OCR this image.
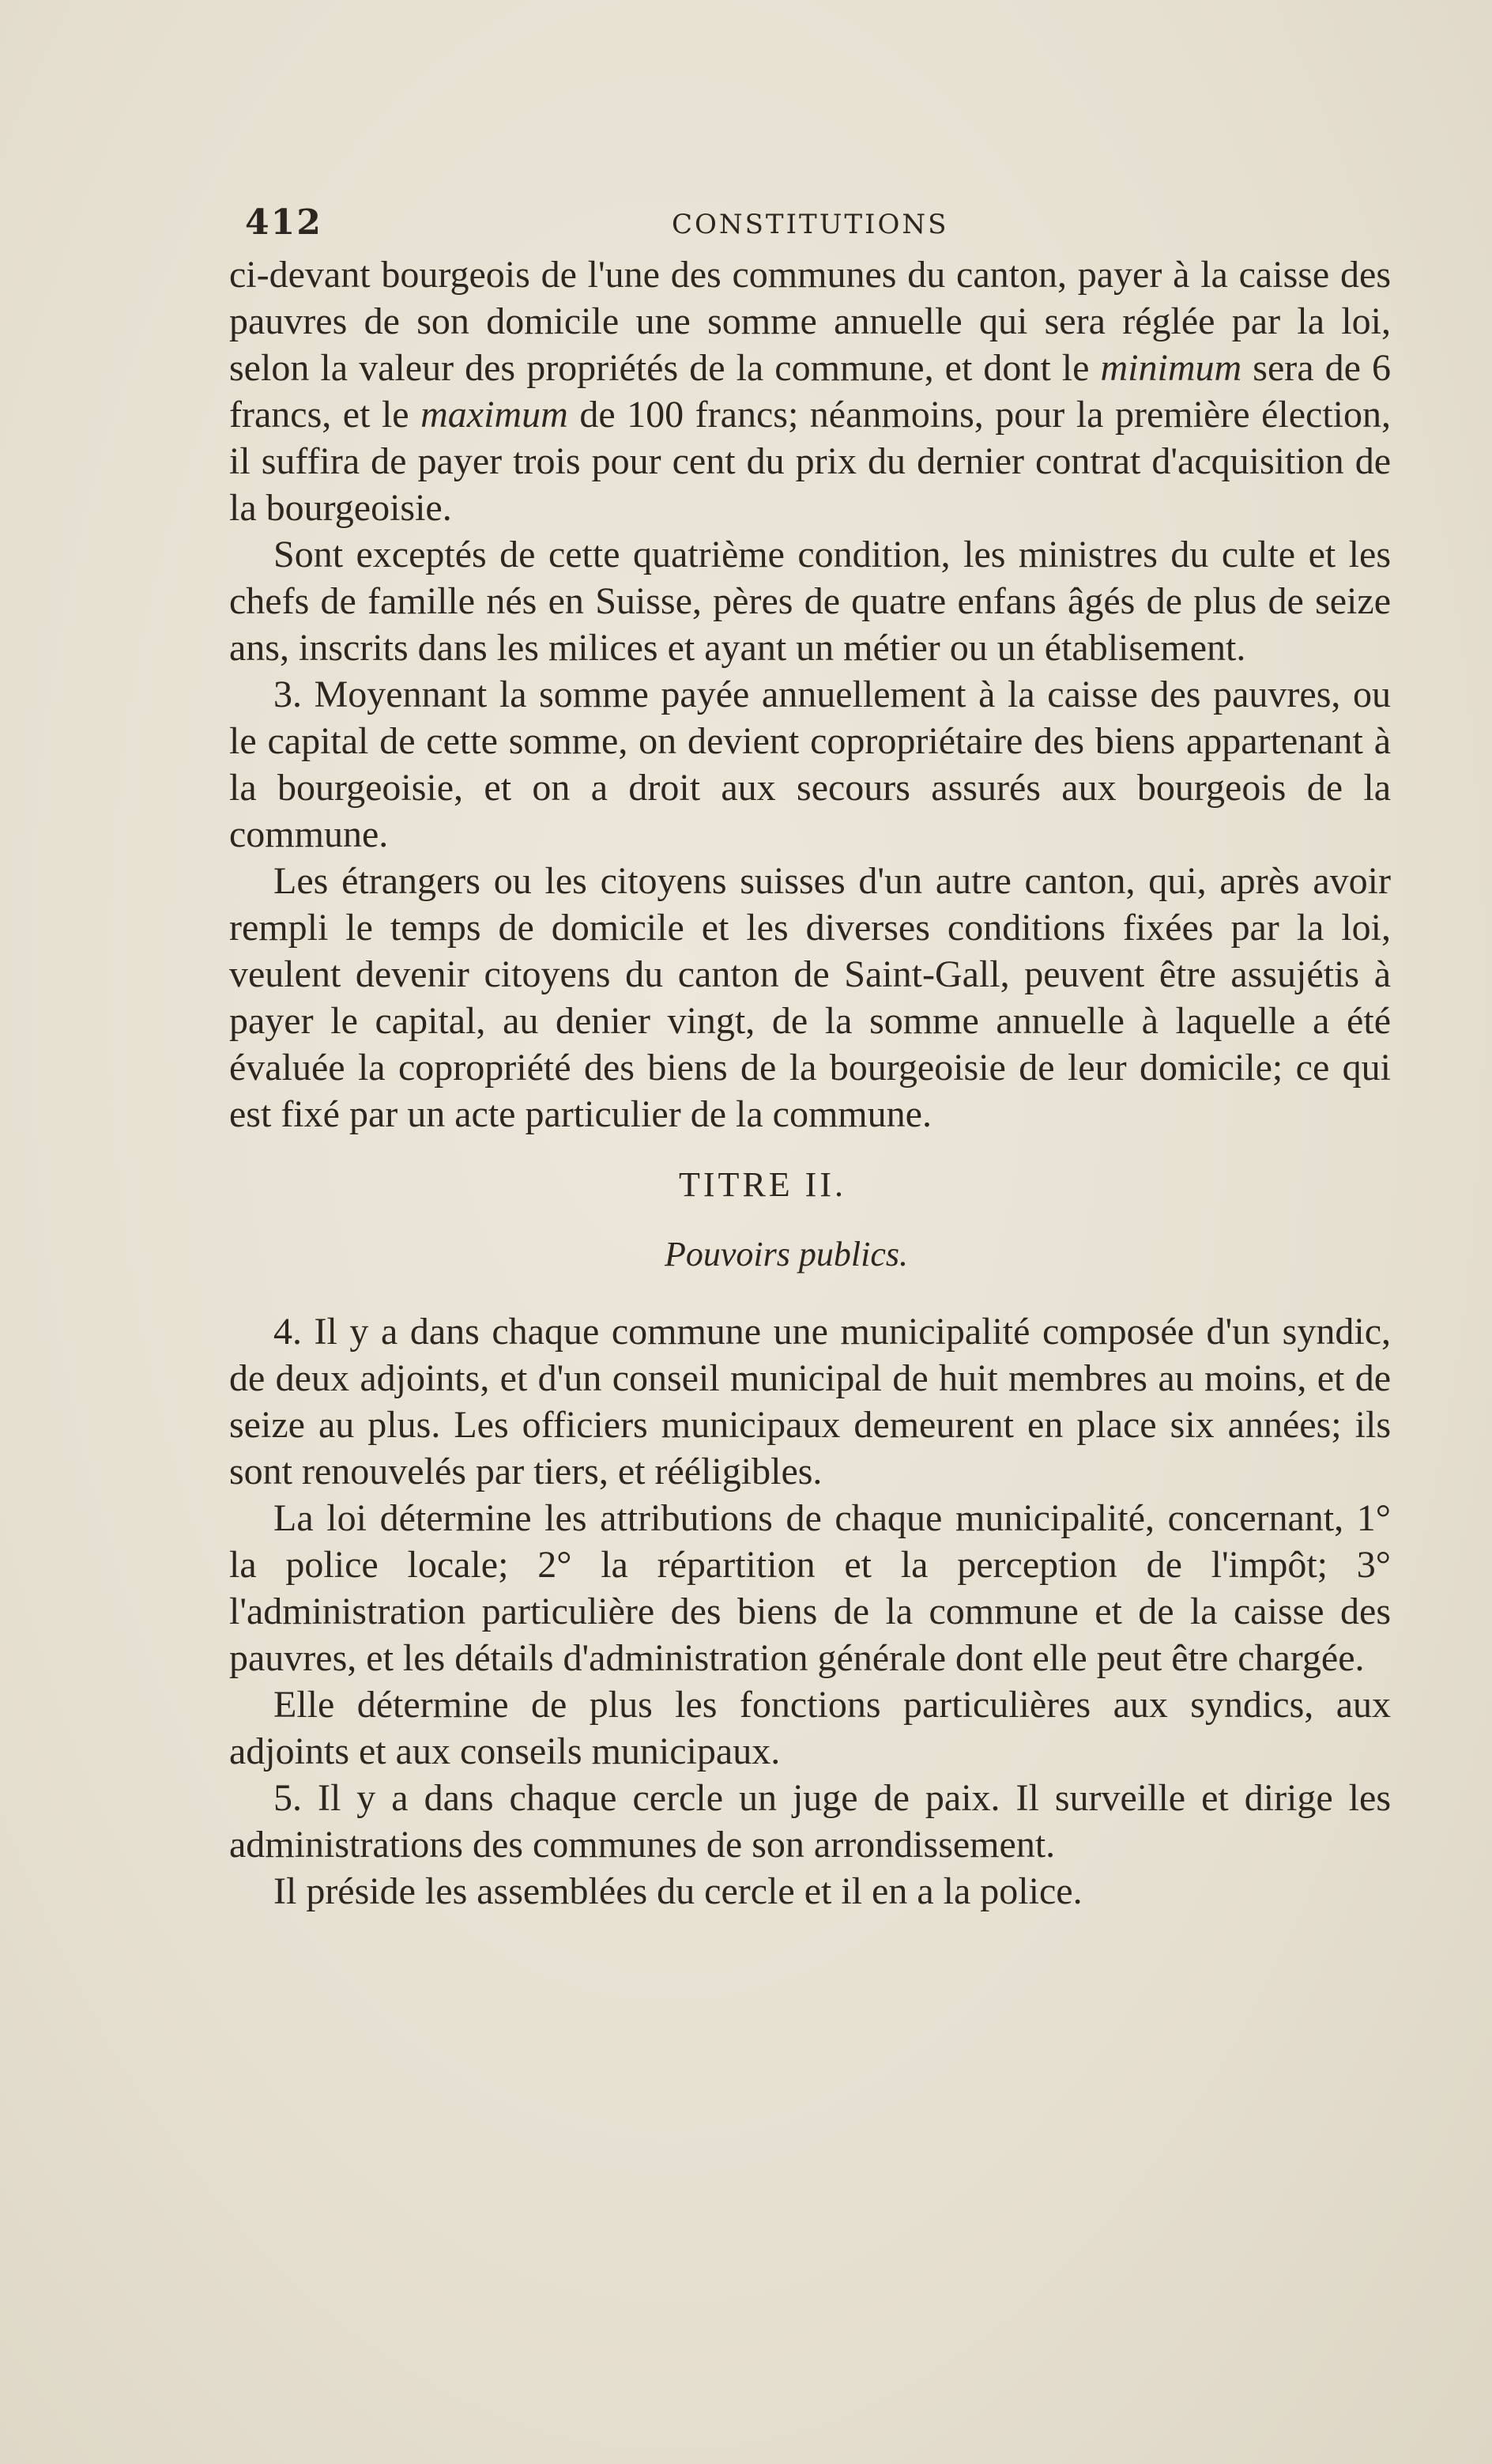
412	CONSTITUTIONS

ci-devant bourgeois de l'une des communes du canton, payer à la caisse des pauvres de son domicile une somme annuelle qui sera réglée par la loi, selon la valeur des propriétés de la commune, et dont le minimum sera de 6 francs, et le maximum de 100 francs; néanmoins, pour la première élection, il suffira de payer trois pour cent du prix du dernier contrat d'acquisition de la bourgeoisie.

Sont exceptés de cette quatrième condition, les ministres du culte et les chefs de famille nés en Suisse, pères de quatre enfans âgés de plus de seize ans, inscrits dans les milices et ayant un métier ou un établisement.

3. Moyennant la somme payée annuellement à la caisse des pauvres, ou le capital de cette somme, on devient copropriétaire des biens appartenant à la bourgeoisie, et on a droit aux secours assurés aux bourgeois de la commune.

Les étrangers ou les citoyens suisses d'un autre canton, qui, après avoir rempli le temps de domicile et les diverses conditions fixées par la loi, veulent devenir citoyens du canton de Saint-Gall, peuvent être assujétis à payer le capital, au denier vingt, de la somme annuelle à laquelle a été évaluée la copropriété des biens de la bourgeoisie de leur domicile; ce qui est fixé par un acte particulier de la commune.

TITRE II.

Pouvoirs publics.

4. Il y a dans chaque commune une municipalité composée d'un syndic, de deux adjoints, et d'un conseil municipal de huit membres au moins, et de seize au plus. Les officiers municipaux demeurent en place six années; ils sont renouvelés par tiers, et rééligibles.

La loi détermine les attributions de chaque municipalité, concernant, 1° la police locale; 2° la répartition et la perception de l'impôt; 3° l'administration particulière des biens de la commune et de la caisse des pauvres, et les détails d'administration générale dont elle peut être chargée.

Elle détermine de plus les fonctions particulières aux syndics, aux adjoints et aux conseils municipaux.

5. Il y a dans chaque cercle un juge de paix. Il surveille et dirige les administrations des communes de son arrondissement.

Il préside les assemblées du cercle et il en a la police.
